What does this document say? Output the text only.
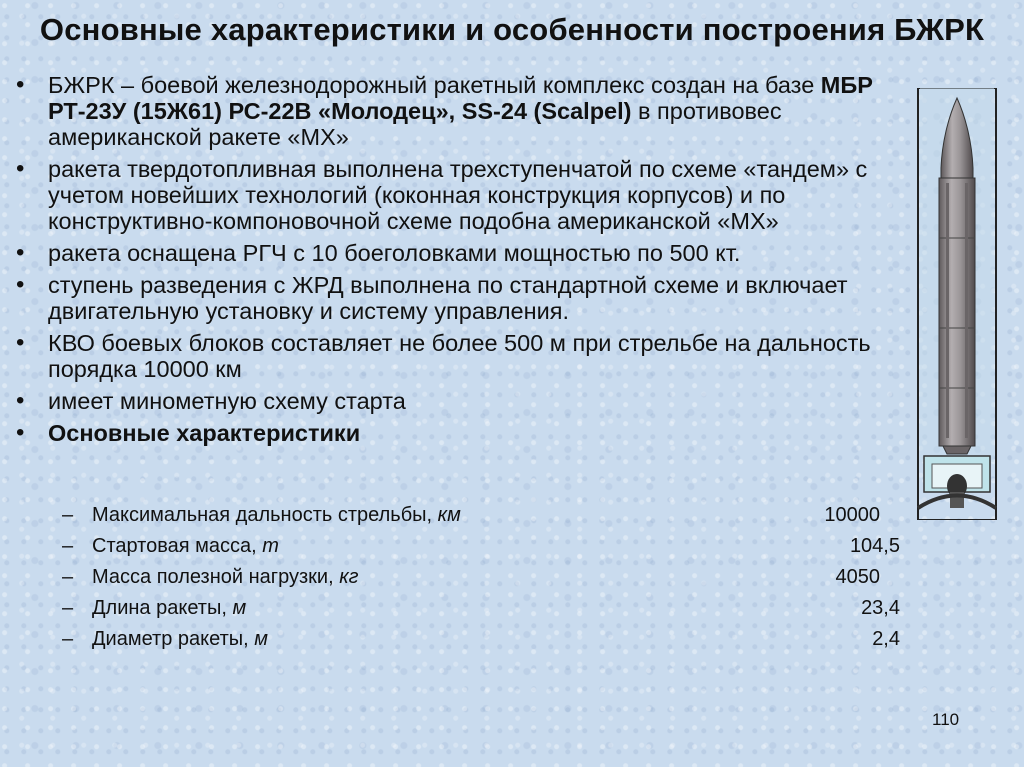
Основные характеристики и особенности построения БЖРК
• БЖРК – боевой железнодорожный ракетный комплекс создан на базе МБР РТ-23У (15Ж61) РС-22В «Молодец», SS-24 (Scalpel) в противовес американской ракете «МХ»
• ракета твердотопливная выполнена трехступенчатой по схеме «тандем» с учетом новейших технологий (коконная конструкция корпусов) и по конструктивно-компоновочной схеме подобна американской «МХ»
• ракета оснащена РГЧ с 10 боеголовками мощностью по 500 кт.
• ступень разведения с ЖРД выполнена по стандартной схеме и включает двигательную установку и систему управления.
• КВО боевых блоков составляет не более 500 м при стрельбе на дальность порядка 10000 км
• имеет минометную схему старта
• Основные характеристики
– Максимальная дальность стрельбы, км	10000
– Стартовая масса, т	104,5
– Масса полезной нагрузки, кг	4050
– Длина ракеты, м	23,4
– Диаметр ракеты, м	2,4
110
